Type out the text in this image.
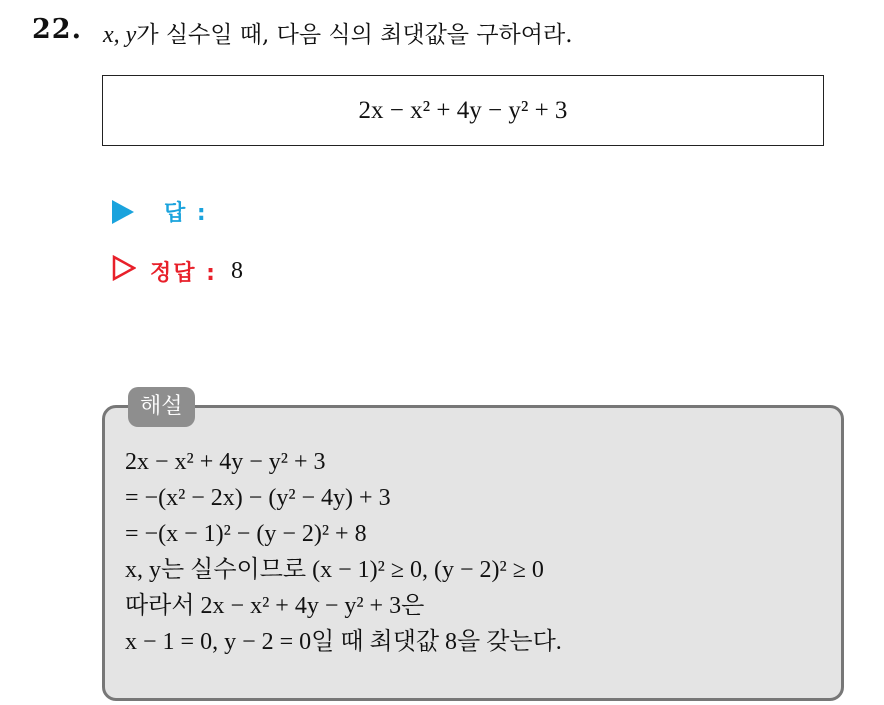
22. x, y가 실수일 때, 다음 식의 최댓값을 구하여라.
2x − x² + 4y − y² + 3
답 :
정답 : 8
해설
2x − x² + 4y − y² + 3
= −(x² − 2x) − (y² − 4y) + 3
= −(x − 1)² − (y − 2)² + 8
x, y는 실수이므로 (x − 1)² ≥ 0, (y − 2)² ≥ 0
따라서 2x − x² + 4y − y² + 3은
x − 1 = 0, y − 2 = 0일 때 최댓값 8을 갖는다.
